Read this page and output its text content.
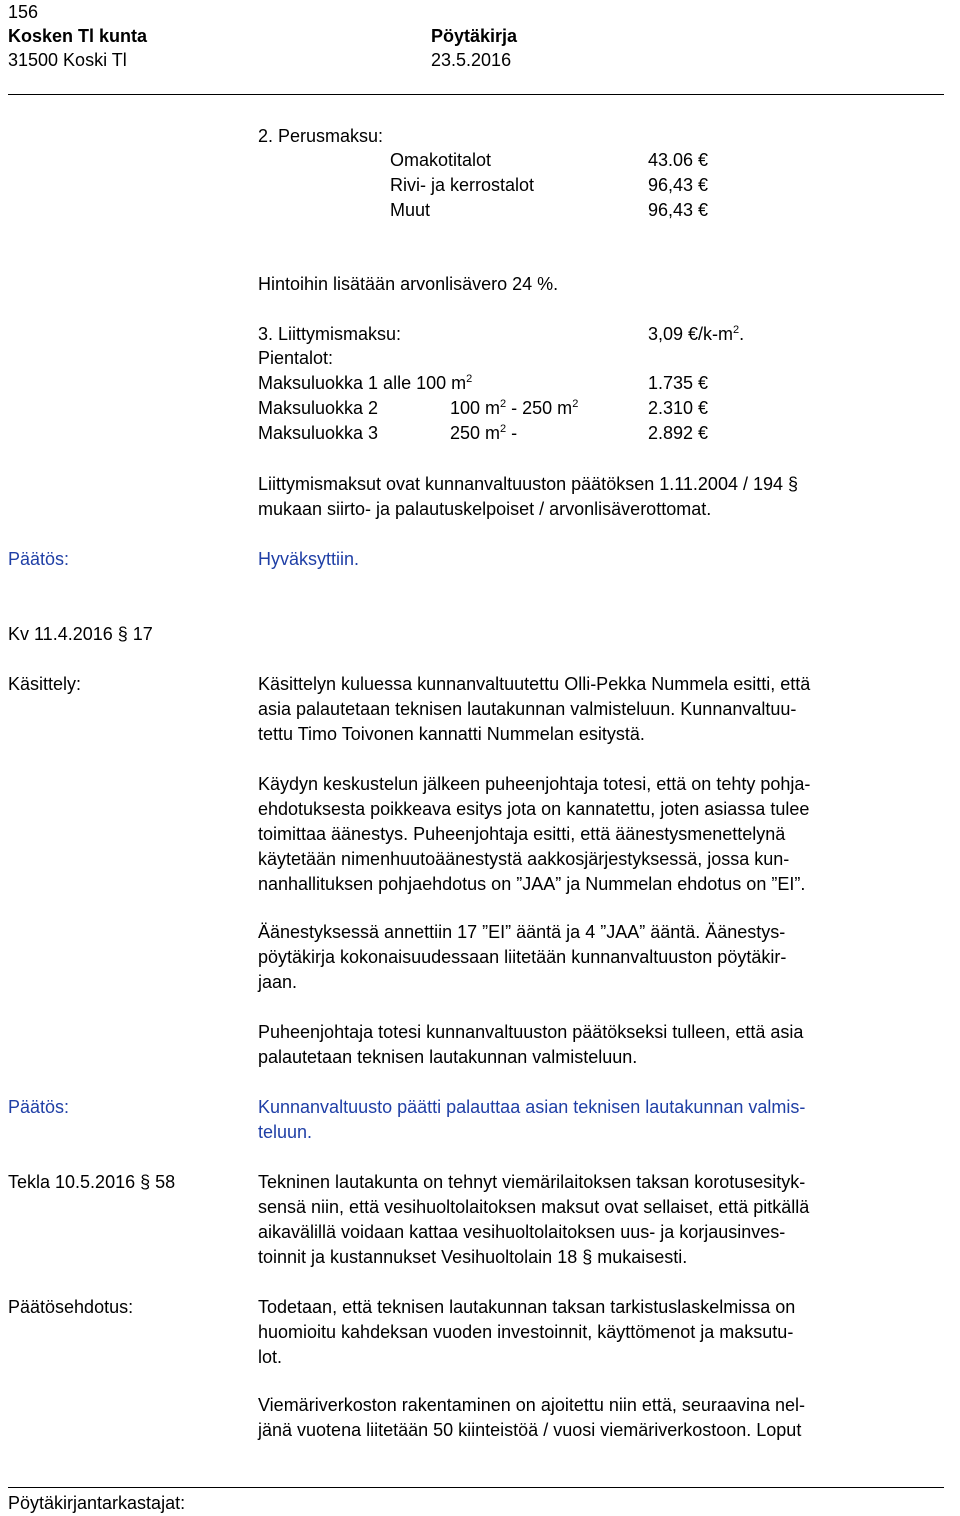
156
Kosken Tl kunta
31500 Koski Tl
Pöytäkirja
23.5.2016
2. Perusmaksu:
Omakotitalot	43.06 €
Rivi- ja kerrostalot	96,43 €
Muut	96,43 €
Hintoihin lisätään arvonlisävero 24 %.
3. Liittymismaksu:	3,09 $€/k-m^2$.
Pientalot:
Maksuluokka 1 alle 100 $m^2$	1.735 €
Maksuluokka 2	100 $m^2 - 250$ $m^2$	2.310 €
Maksuluokka 3	250 $m^2$ -	2.892 €
Liittymismaksut ovat kunnanvaltuuston päätöksen 1.11.2004 / 194 §
mukaan siirto- ja palautuskelpoiset / arvonlisäverottomat.
Päätös:	Hyväksyttiin.
Kv 11.4.2016 § 17
Käsittely:	Käsittelyn kuluessa kunnanvaltuutettu Olli-Pekka Nummela esitti, että
asia palautetaan teknisen lautakunnan valmisteluun. Kunnanvaltuu-
tettu Timo Toivonen kannatti Nummelan esitystä.
Käydyn keskustelun jälkeen puheenjohtaja totesi, että on tehty pohja-
ehdotuksesta poikkeava esitys jota on kannatettu, joten asiassa tulee
toimittaa äänestys. Puheenjohtaja esitti, että äänestysmenettelynä
käytetään nimenhuutoäänestystä aakkosjärjestyksessä, jossa kun-
nanhallituksen pohjaehdotus on ”JAA” ja Nummelan ehdotus on ”EI”.
Äänestyksessä annettiin 17 ”EI” ääntä ja 4 ”JAA” ääntä. Äänestys-
pöytäkirja kokonaisuudessaan liitetään kunnanvaltuuston pöytäkir-
jaan.
Puheenjohtaja totesi kunnanvaltuuston päätökseksi tulleen, että asia
palautetaan teknisen lautakunnan valmisteluun.
Päätös:	Kunnanvaltuusto päätti palauttaa asian teknisen lautakunnan valmis-
teluun.
Tekla 10.5.2016 § 58	Tekninen lautakunta on tehnyt viemärilaitoksen taksan korotusesityk-
sensä niin, että vesihuoltolaitoksen maksut ovat sellaiset, että pitkällä
aikavälillä voidaan kattaa vesihuoltolaitoksen uus- ja korjausinves-
toinnit ja kustannukset Vesihuoltolain 18 § mukaisesti.
Päätösehdotus:	Todetaan, että teknisen lautakunnan taksan tarkistuslaskelmissa on
huomioitu kahdeksan vuoden investoinnit, käyttömenot ja maksutu-
lot.
Viemäriverkoston rakentaminen on ajoitettu niin että, seuraavina nel-
jänä vuotena liitetään 50 kiinteistöä / vuosi viemäriverkostoon. Loput
Pöytäkirjantarkastajat:
